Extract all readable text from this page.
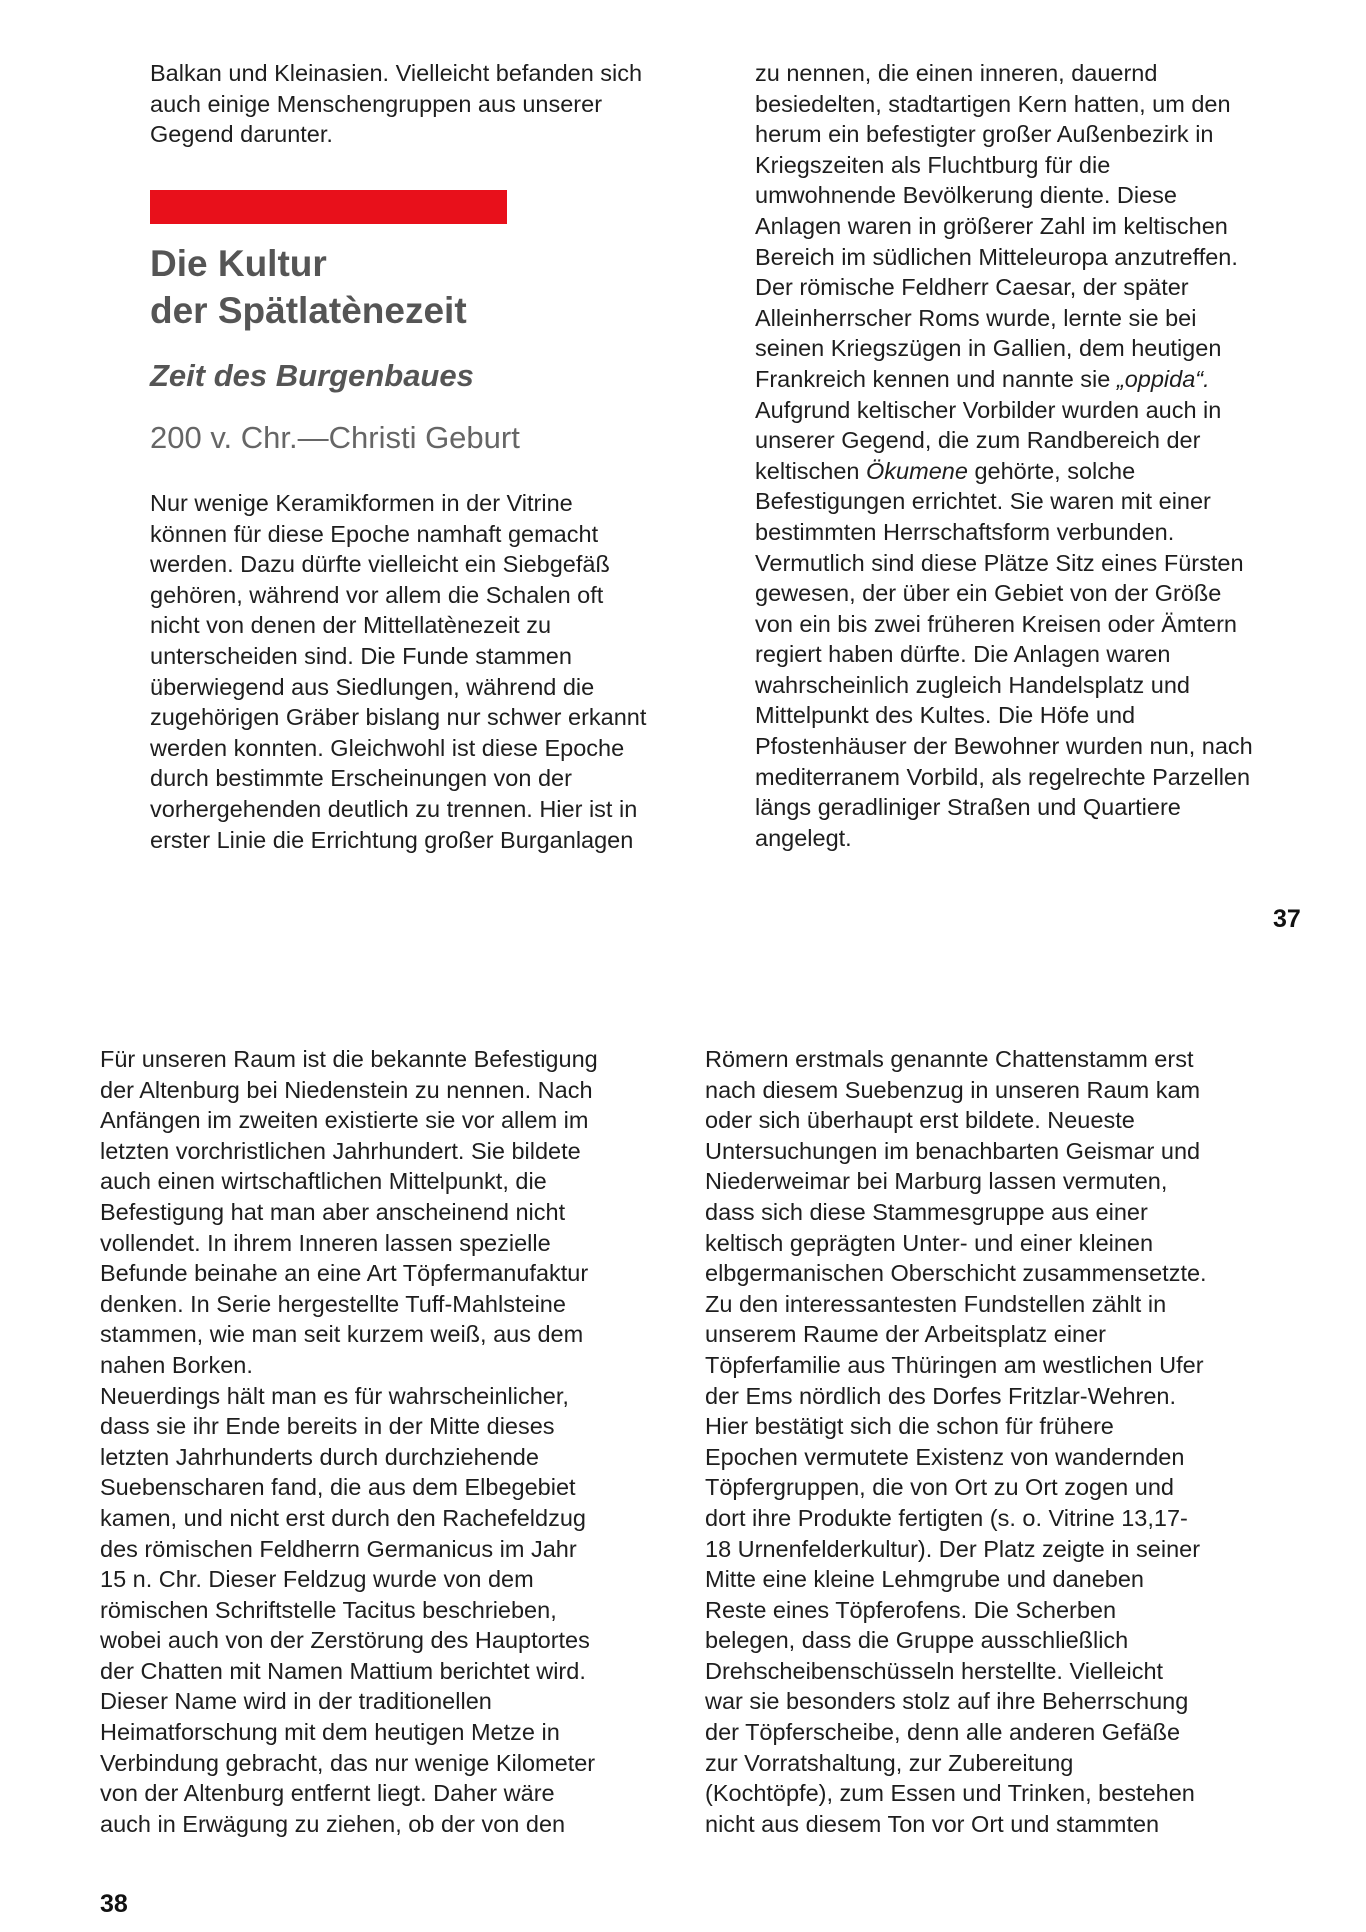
Balkan und Kleinasien. Vielleicht befanden sich
auch einige Menschengruppen aus unserer
Gegend darunter.
Die Kultur
der Spätlatènezeit
Zeit des Burgenbaues
200 v. Chr.—Christi Geburt
Nur wenige Keramikformen in der Vitrine
können für diese Epoche namhaft gemacht
werden. Dazu dürfte vielleicht ein Siebgefäß
gehören, während vor allem die Schalen oft
nicht von denen der Mittellatènezeit zu
unterscheiden sind. Die Funde stammen
überwiegend aus Siedlungen, während die
zugehörigen Gräber bislang nur schwer erkannt
werden konnten. Gleichwohl ist diese Epoche
durch bestimmte Erscheinungen von der
vorhergehenden deutlich zu trennen. Hier ist in
erster Linie die Errichtung großer Burganlagen
zu nennen, die einen inneren, dauernd
besiedelten, stadtartigen Kern hatten, um den
herum ein befestigter großer Außenbezirk in
Kriegszeiten als Fluchtburg für die
umwohnende Bevölkerung diente. Diese
Anlagen waren in größerer Zahl im keltischen
Bereich im südlichen Mitteleuropa anzutreffen.
Der römische Feldherr Caesar, der später
Alleinherrscher Roms wurde, lernte sie bei
seinen Kriegszügen in Gallien, dem heutigen
Frankreich kennen und nannte sie „oppida“.
Aufgrund keltischer Vorbilder wurden auch in
unserer Gegend, die zum Randbereich der
keltischen Ökumene gehörte, solche
Befestigungen errichtet. Sie waren mit einer
bestimmten Herrschaftsform verbunden.
Vermutlich sind diese Plätze Sitz eines Fürsten
gewesen, der über ein Gebiet von der Größe
von ein bis zwei früheren Kreisen oder Ämtern
regiert haben dürfte. Die Anlagen waren
wahrscheinlich zugleich Handelsplatz und
Mittelpunkt des Kultes. Die Höfe und
Pfostenhäuser der Bewohner wurden nun, nach
mediterranem Vorbild, als regelrechte Parzellen
längs geradliniger Straßen und Quartiere
angelegt.
37
Für unseren Raum ist die bekannte Befestigung
der Altenburg bei Niedenstein zu nennen. Nach
Anfängen im zweiten existierte sie vor allem im
letzten vorchristlichen Jahrhundert. Sie bildete
auch einen wirtschaftlichen Mittelpunkt, die
Befestigung hat man aber anscheinend nicht
vollendet. In ihrem Inneren lassen spezielle
Befunde beinahe an eine Art Töpfermanufaktur
denken. In Serie hergestellte Tuff-Mahlsteine
stammen, wie man seit kurzem weiß, aus dem
nahen Borken.
Neuerdings hält man es für wahrscheinlicher,
dass sie ihr Ende bereits in der Mitte dieses
letzten Jahrhunderts durch durchziehende
Suebenscharen fand, die aus dem Elbegebiet
kamen, und nicht erst durch den Rachefeldzug
des römischen Feldherrn Germanicus im Jahr
15 n. Chr. Dieser Feldzug wurde von dem
römischen Schriftstelle Tacitus beschrieben,
wobei auch von der Zerstörung des Hauptortes
der Chatten mit Namen Mattium berichtet wird.
Dieser Name wird in der traditionellen
Heimatforschung mit dem heutigen Metze in
Verbindung gebracht, das nur wenige Kilometer
von der Altenburg entfernt liegt. Daher wäre
auch in Erwägung zu ziehen, ob der von den
Römern erstmals genannte Chattenstamm erst
nach diesem Suebenzug in unseren Raum kam
oder sich überhaupt erst bildete. Neueste
Untersuchungen im benachbarten Geismar und
Niederweimar bei Marburg lassen vermuten,
dass sich diese Stammesgruppe aus einer
keltisch geprägten Unter- und einer kleinen
elbgermanischen Oberschicht zusammensetzte.
Zu den interessantesten Fundstellen zählt in
unserem Raume der Arbeitsplatz einer
Töpferfamilie aus Thüringen am westlichen Ufer
der Ems nördlich des Dorfes Fritzlar-Wehren.
Hier bestätigt sich die schon für frühere
Epochen vermutete Existenz von wandernden
Töpfergruppen, die von Ort zu Ort zogen und
dort ihre Produkte fertigten (s. o. Vitrine 13,17-
18 Urnenfelderkultur). Der Platz zeigte in seiner
Mitte eine kleine Lehmgrube und daneben
Reste eines Töpferofens. Die Scherben
belegen, dass die Gruppe ausschließlich
Drehscheibenschüsseln herstellte. Vielleicht
war sie besonders stolz auf ihre Beherrschung
der Töpferscheibe, denn alle anderen Gefäße
zur Vorratshaltung, zur Zubereitung
(Kochtöpfe), zum Essen und Trinken, bestehen
nicht aus diesem Ton vor Ort und stammten
38
